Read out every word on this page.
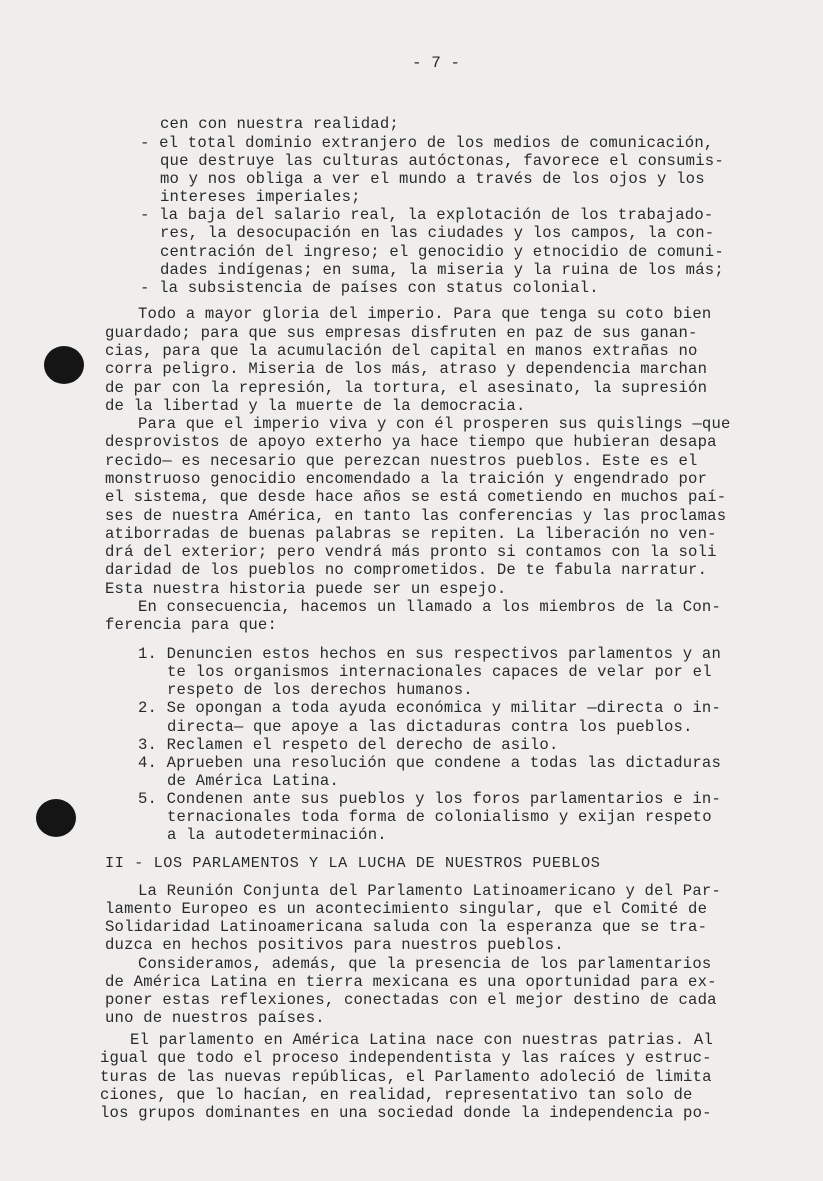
- 7 -
cen con nuestra realidad;
- el total dominio extranjero de los medios de comunicación,
que destruye las culturas autóctonas, favorece el consumis-
mo y nos obliga a ver el mundo a través de los ojos y los
intereses imperiales;
- la baja del salario real, la explotación de los trabajado-
res, la desocupación en las ciudades y los campos, la con-
centración del ingreso; el genocidio y etnocidio de comuni-
dades indígenas; en suma, la miseria y la ruina de los más;
- la subsistencia de países con status colonial.
Todo a mayor gloria del imperio. Para que tenga su coto bien
guardado; para que sus empresas disfruten en paz de sus ganan-
cias, para que la acumulación del capital en manos extrañas no
corra peligro. Miseria de los más, atraso y dependencia marchan
de par con la represión, la tortura, el asesinato, la supresión
de la libertad y la muerte de la democracia.
Para que el imperio viva y con él prosperen sus quislings —que
desprovistos de apoyo exterho ya hace tiempo que hubieran desapa
recido— es necesario que perezcan nuestros pueblos. Este es el
monstruoso genocidio encomendado a la traición y engendrado por
el sistema, que desde hace años se está cometiendo en muchos paí-
ses de nuestra América, en tanto las conferencias y las proclamas
atiborradas de buenas palabras se repiten. La liberación no ven-
drá del exterior; pero vendrá más pronto si contamos con la soli
daridad de los pueblos no comprometidos. De te fabula narratur.
Esta nuestra historia puede ser un espejo.
En consecuencia, hacemos un llamado a los miembros de la Con-
ferencia para que:
1. Denuncien estos hechos en sus respectivos parlamentos y an
te los organismos internacionales capaces de velar por el
respeto de los derechos humanos.
2. Se opongan a toda ayuda económica y militar —directa o in-
directa— que apoye a las dictaduras contra los pueblos.
3. Reclamen el respeto del derecho de asilo.
4. Aprueben una resolución que condene a todas las dictaduras
de América Latina.
5. Condenen ante sus pueblos y los foros parlamentarios e in-
ternacionales toda forma de colonialismo y exijan respeto
a la autodeterminación.
II - LOS PARLAMENTOS Y LA LUCHA DE NUESTROS PUEBLOS
La Reunión Conjunta del Parlamento Latinoamericano y del Par-
lamento Europeo es un acontecimiento singular, que el Comité de
Solidaridad Latinoamericana saluda con la esperanza que se tra-
duzca en hechos positivos para nuestros pueblos.
Consideramos, además, que la presencia de los parlamentarios
de América Latina en tierra mexicana es una oportunidad para ex-
poner estas reflexiones, conectadas con el mejor destino de cada
uno de nuestros países.
El parlamento en América Latina nace con nuestras patrias. Al
igual que todo el proceso independentista y las raíces y estruc-
turas de las nuevas repúblicas, el Parlamento adoleció de limita
ciones, que lo hacían, en realidad, representativo tan solo de
los grupos dominantes en una sociedad donde la independencia po-
